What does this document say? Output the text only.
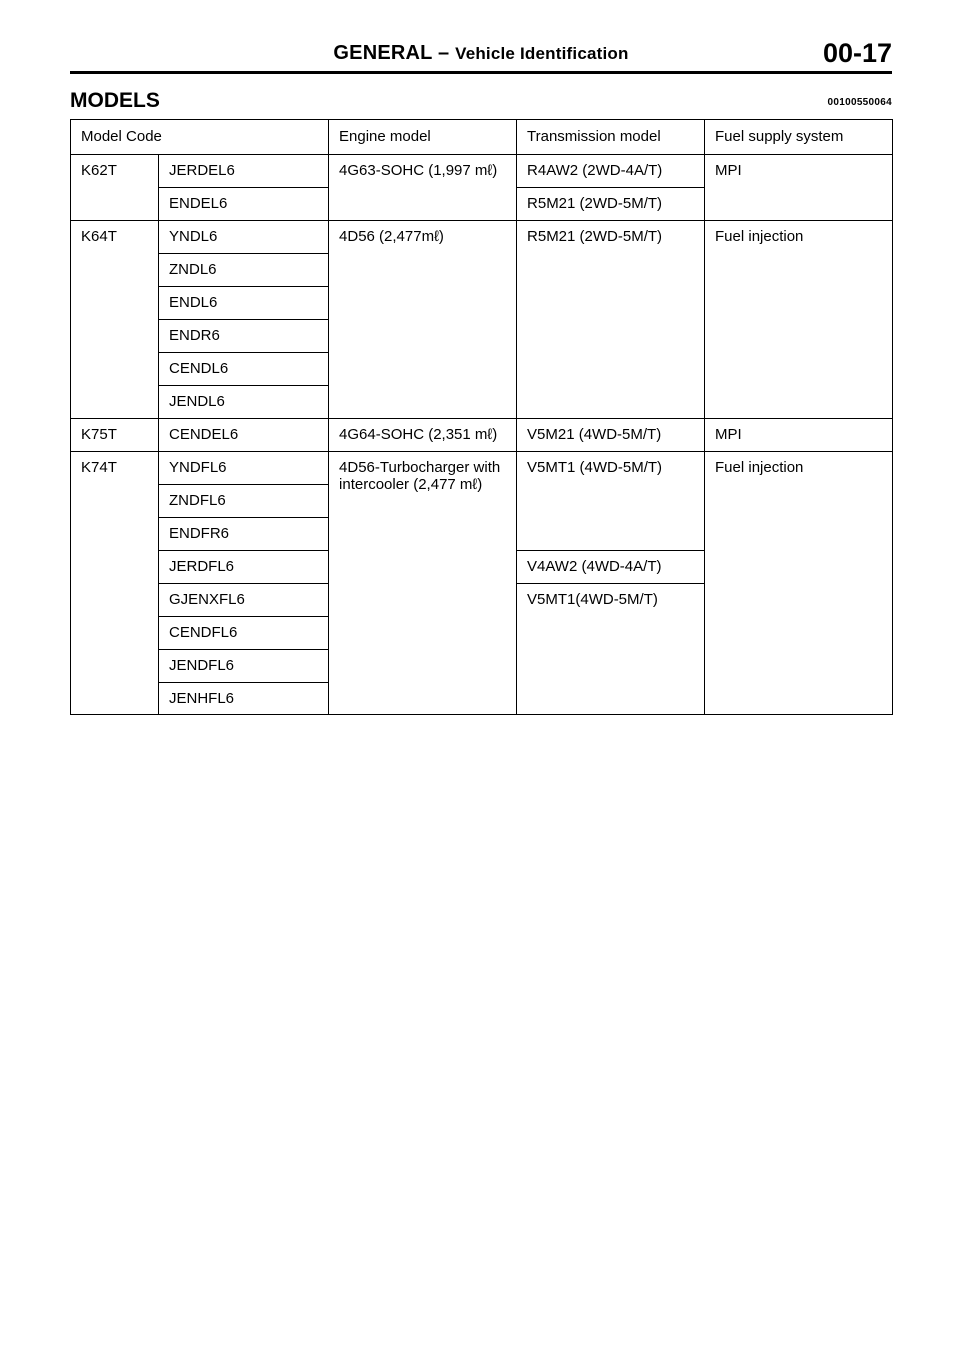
GENERAL – Vehicle Identification	00-17
MODELS	00100550064
Model Code		Engine model	Transmission model	Fuel supply system
K62T	JERDEL6	4G63-SOHC (1,997 mℓ)	R4AW2 (2WD-4A/T)	MPI
	ENDEL6		R5M21 (2WD-5M/T)	
K64T	YNDL6	4D56 (2,477mℓ)	R5M21 (2WD-5M/T)	Fuel injection
	ZNDL6			
	ENDL6			
	ENDR6			
	CENDL6			
	JENDL6			
K75T	CENDEL6	4G64-SOHC (2,351 mℓ)	V5M21 (4WD-5M/T)	MPI
K74T	YNDFL6	4D56-Turbocharger with intercooler (2,477 mℓ)	V5MT1 (4WD-5M/T)	Fuel injection
	ZNDFL6			
	ENDFR6			
	JERDFL6		V4AW2 (4WD-4A/T)	
	GJENXFL6		V5MT1(4WD-5M/T)	
	CENDFL6			
	JENDFL6			
	JENHFL6			
